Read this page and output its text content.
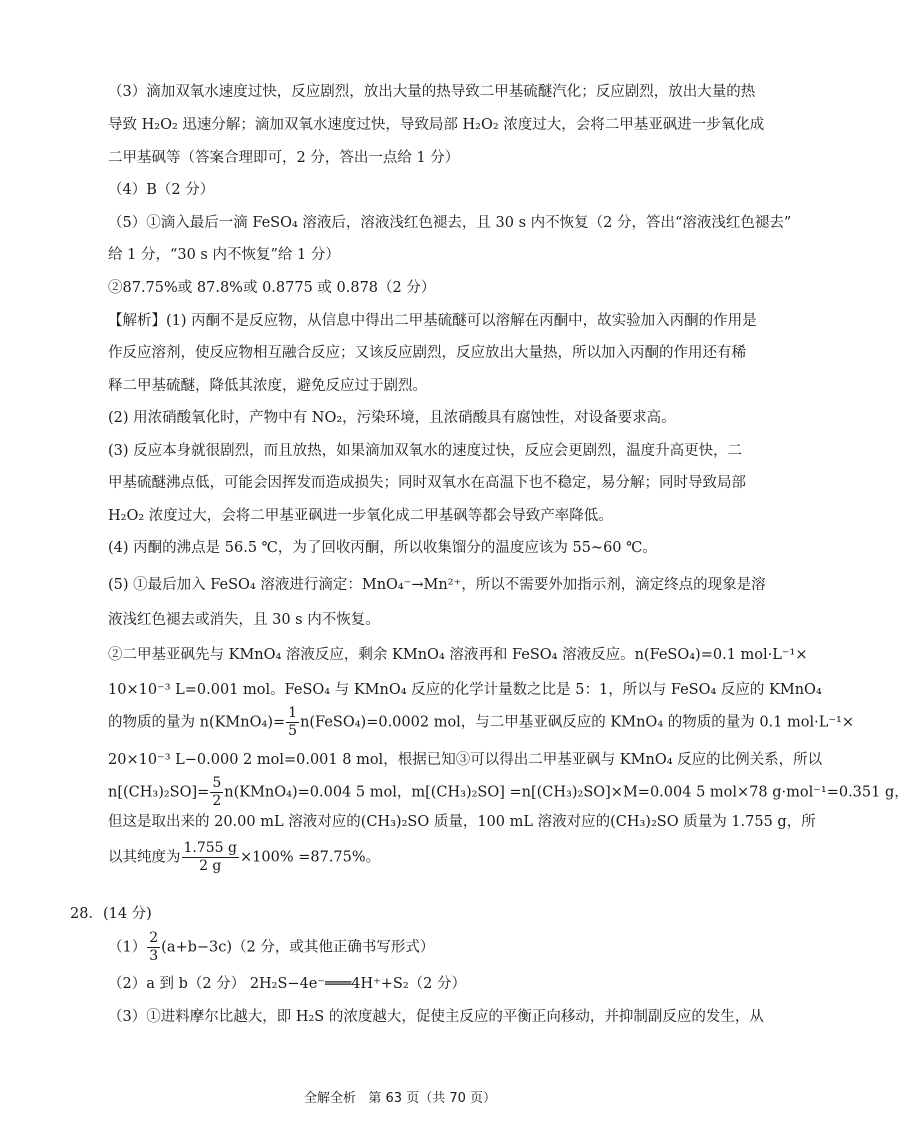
（3）滴加双氧水速度过快，反应剧烈，放出大量的热导致二甲基硫醚汽化；反应剧烈，放出大量的热
导致 H₂O₂ 迅速分解；滴加双氧水速度过快，导致局部 H₂O₂ 浓度过大，会将二甲基亚砜进一步氧化成
二甲基砜等（答案合理即可，2 分，答出一点给 1 分）
（4）B（2 分）
（5）①滴入最后一滴 FeSO₄ 溶液后，溶液浅红色褪去，且 30 s 内不恢复（2 分，答出“溶液浅红色褪去”
给 1 分，“30 s 内不恢复”给 1 分）
②87.75%或 87.8%或 0.8775 或 0.878（2 分）
【解析】(1) 丙酮不是反应物，从信息中得出二甲基硫醚可以溶解在丙酮中，故实验加入丙酮的作用是
作反应溶剂，使反应物相互融合反应；又该反应剧烈，反应放出大量热，所以加入丙酮的作用还有稀
释二甲基硫醚，降低其浓度，避免反应过于剧烈。
(2) 用浓硝酸氧化时，产物中有 NO₂，污染环境，且浓硝酸具有腐蚀性，对设备要求高。
(3) 反应本身就很剧烈，而且放热，如果滴加双氧水的速度过快，反应会更剧烈，温度升高更快，二
甲基硫醚沸点低，可能会因挥发而造成损失；同时双氧水在高温下也不稳定，易分解；同时导致局部
H₂O₂ 浓度过大，会将二甲基亚砜进一步氧化成二甲基砜等都会导致产率降低。
(4) 丙酮的沸点是 56.5 ℃，为了回收丙酮，所以收集馏分的温度应该为 55~60 ℃。
(5) ①最后加入 FeSO₄ 溶液进行滴定：MnO₄⁻→Mn²⁺，所以不需要外加指示剂，滴定终点的现象是溶
液浅红色褪去或消失，且 30 s 内不恢复。
②二甲基亚砜先与 KMnO₄ 溶液反应，剩余 KMnO₄ 溶液再和 FeSO₄ 溶液反应。n(FeSO₄)=0.1 mol·L⁻¹×
10×10⁻³ L=0.001 mol。FeSO₄ 与 KMnO₄ 反应的化学计量数之比是 5：1，所以与 FeSO₄ 反应的 KMnO₄
的物质的量为 n(KMnO₄)= $\frac{1}{5}$ n(FeSO₄)=0.0002 mol，与二甲基亚砜反应的 KMnO₄ 的物质的量为 0.1 mol·L⁻¹×
20×10⁻³ L−0.000 2 mol=0.001 8 mol，根据已知③可以得出二甲基亚砜与 KMnO₄ 反应的比例关系，所以
$n[(CH_3)_2SO]= \frac{5}{2}$ n(KMnO₄)=0.004 5 mol，m[(CH₃)₂SO] =n[(CH₃)₂SO]×M=0.004 5 mol×78 g·mol⁻¹=0.351 g，
但这是取出来的 20.00 mL 溶液对应的(CH₃)₂SO 质量，100 mL 溶液对应的(CH₃)₂SO 质量为 1.755 g，所
以其纯度为 $\frac{1.755 g}{2 g} \times 100\% =87.75\%$。
28．(14 分)
$(1) \frac{2}{3} (a+b-3c)(2$ 分，或其他正确书写形式）
（2）a 到 b（2 分） 2H₂S−4e⁻═══4H⁺+S₂（2 分）
（3）①进料摩尔比越大，即 H₂S 的浓度越大，促使主反应的平衡正向移动，并抑制副反应的发生，从
全解全析   第 63 页（共 70 页）
